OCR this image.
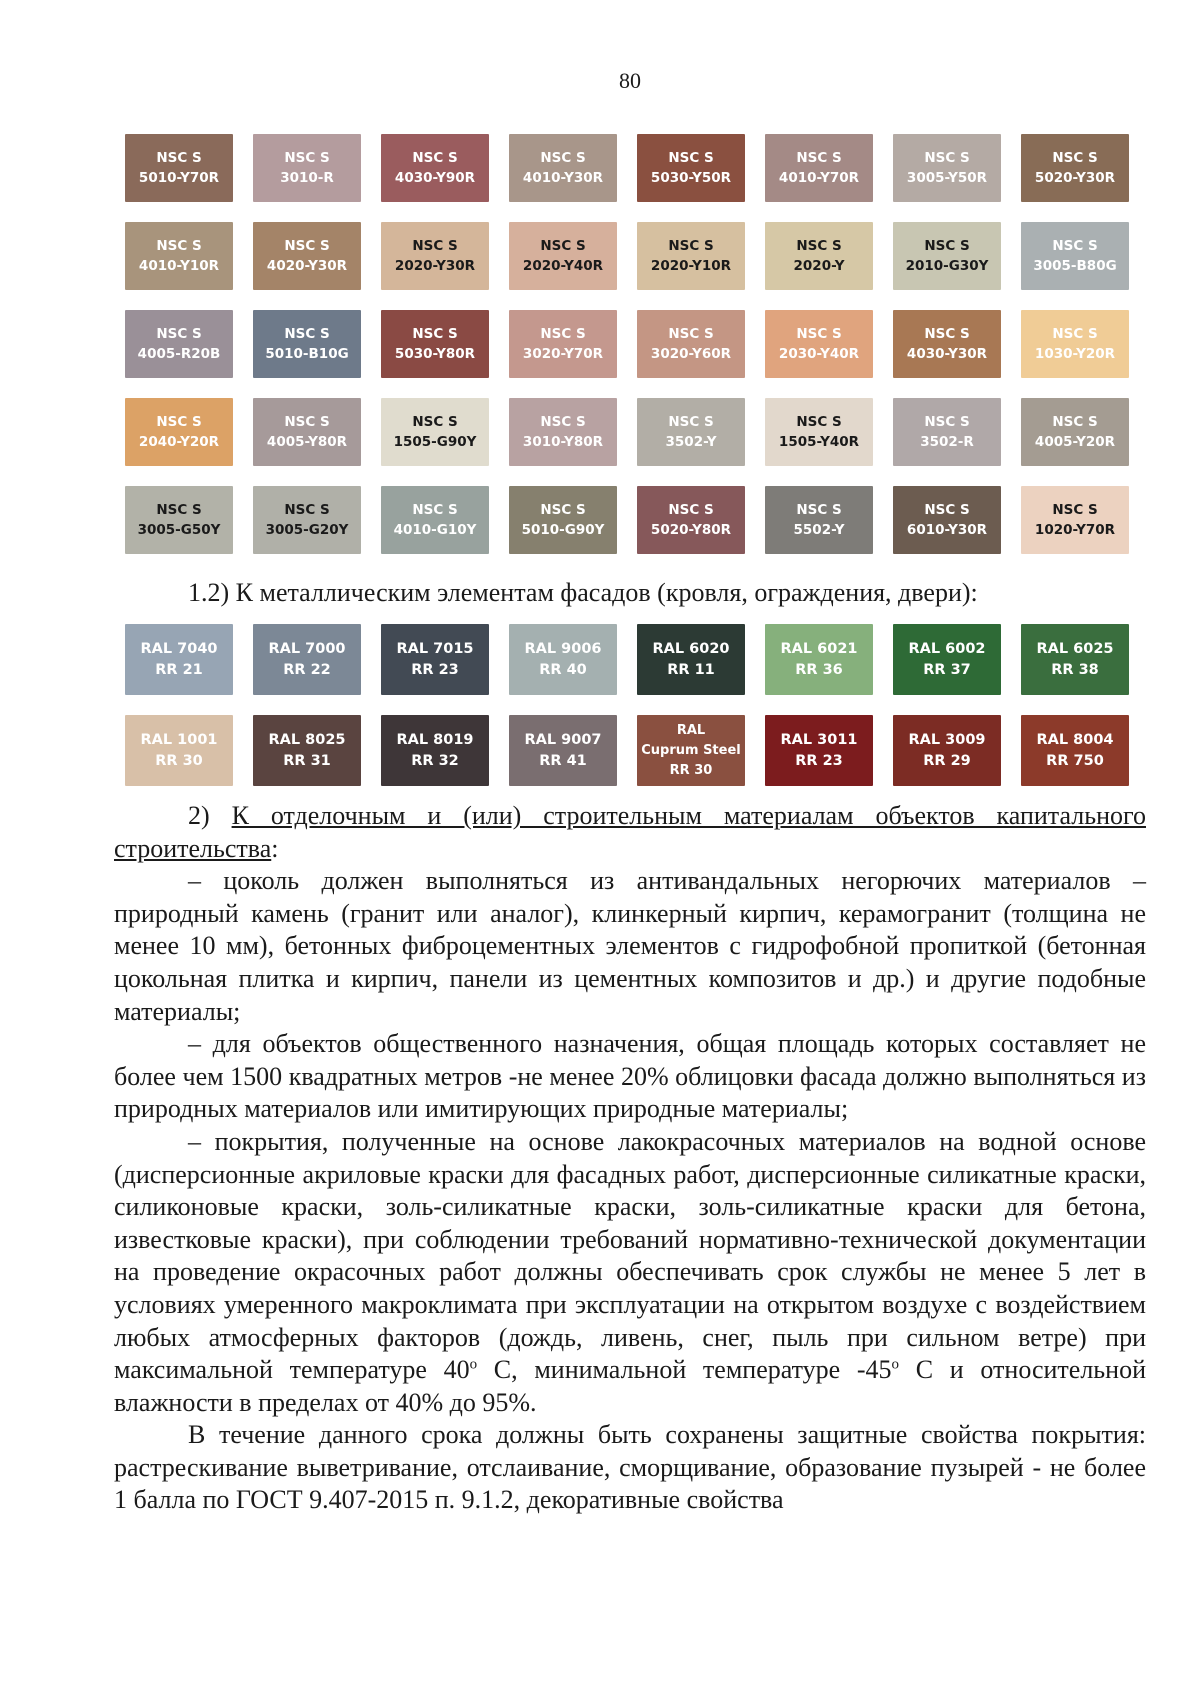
80
NSC S
5010-Y70R
NSC S
3010-R
NSC S
4030-Y90R
NSC S
4010-Y30R
NSC S
5030-Y50R
NSC S
4010-Y70R
NSC S
3005-Y50R
NSC S
5020-Y30R
NSC S
4010-Y10R
NSC S
4020-Y30R
NSC S
2020-Y30R
NSC S
2020-Y40R
NSC S
2020-Y10R
NSC S
2020-Y
NSC S
2010-G30Y
NSC S
3005-B80G
NSC S
4005-R20B
NSC S
5010-B10G
NSC S
5030-Y80R
NSC S
3020-Y70R
NSC S
3020-Y60R
NSC S
2030-Y40R
NSC S
4030-Y30R
NSC S
1030-Y20R
NSC S
2040-Y20R
NSC S
4005-Y80R
NSC S
1505-G90Y
NSC S
3010-Y80R
NSC S
3502-Y
NSC S
1505-Y40R
NSC S
3502-R
NSC S
4005-Y20R
NSC S
3005-G50Y
NSC S
3005-G20Y
NSC S
4010-G10Y
NSC S
5010-G90Y
NSC S
5020-Y80R
NSC S
5502-Y
NSC S
6010-Y30R
NSC S
1020-Y70R
1.2) К металлическим элементам фасадов (кровля, ограждения, двери):
RAL 7040
RR 21
RAL 7000
RR 22
RAL 7015
RR 23
RAL 9006
RR 40
RAL 6020
RR 11
RAL 6021
RR 36
RAL 6002
RR 37
RAL 6025
RR 38
RAL 1001
RR 30
RAL 8025
RR 31
RAL 8019
RR 32
RAL 9007
RR 41
RAL
Cuprum Steel
RR 30
RAL 3011
RR 23
RAL 3009
RR 29
RAL 8004
RR 750

2) К отделочным и (или) строительным материалам объектов капитального строительства:

– цоколь должен выполняться из антивандальных негорючих материалов – природный камень (гранит или аналог), клинкерный кирпич, керамогранит (толщина не менее 10 мм), бетонных фиброцементных элементов с гидрофобной пропиткой (бетонная цокольная плитка и кирпич, панели из цементных композитов и др.) и другие подобные материалы;

– для объектов общественного назначения, общая площадь которых составляет не более чем 1500 квадратных метров -не менее 20% облицовки фасада должно выполняться из природных материалов или имитирующих природные материалы;

– покрытия, полученные на основе лакокрасочных материалов на водной основе (дисперсионные акриловые краски для фасадных работ, дисперсионные силикатные краски, силиконовые краски, золь-силикатные краски, золь-силикатные краски для бетона, известковые краски), при соблюдении требований нормативно-технической документации на проведение окрасочных работ должны обеспечивать срок службы не менее 5 лет в условиях умеренного макроклимата при эксплуатации на открытом воздухе с воздействием любых атмосферных факторов (дождь, ливень, снег, пыль при сильном ветре) при максимальной температуре 40$^o$ С, минимальной температуре -45$^o$ С и относительной влажности в пределах от 40% до 95%.

В течение данного срока должны быть сохранены защитные свойства покрытия: растрескивание выветривание, отслаивание, сморщивание, образование пузырей - не более 1 балла по ГОСТ 9.407-2015 п. 9.1.2, декоративные свойства
